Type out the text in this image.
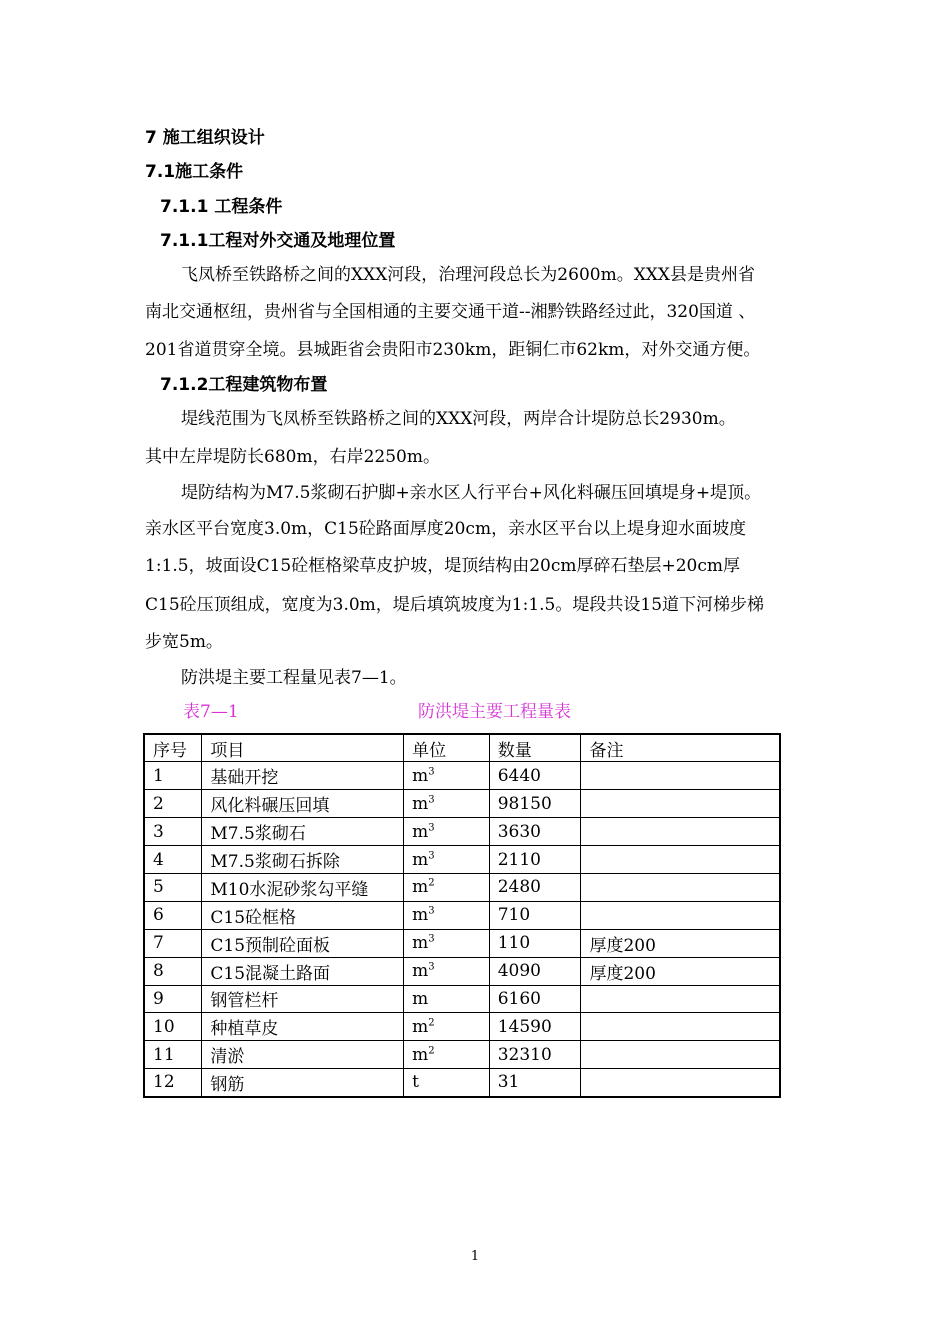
7 施工组织设计
7.1施工条件
7.1.1 工程条件
7.1.1工程对外交通及地理位置
飞凤桥至铁路桥之间的XXX河段，治理河段总长为2600m。XXX县是贵州省
南北交通枢纽，贵州省与全国相通的主要交通干道--湘黔铁路经过此，320国道 、
201省道贯穿全境。县城距省会贵阳市230km，距铜仁市62km，对外交通方便。
7.1.2工程建筑物布置
堤线范围为飞凤桥至铁路桥之间的XXX河段，两岸合计堤防总长2930m。
其中左岸堤防长680m，右岸2250m。
堤防结构为M7.5浆砌石护脚+亲水区人行平台+风化料碾压回填堤身+堤顶。
亲水区平台宽度3.0m，C15砼路面厚度20cm，亲水区平台以上堤身迎水面坡度
1:1.5，坡面设C15砼框格梁草皮护坡，堤顶结构由20cm厚碎石垫层+20cm厚
C15砼压顶组成，宽度为3.0m，堤后填筑坡度为1:1.5。堤段共设15道下河梯步梯
步宽5m。
防洪堤主要工程量见表7—1。
表7—1	防洪堤主要工程量表
序号	项目	单位	数量	备注
1	基础开挖	$m^3$	6440	
2	风化料碾压回填	$m^3$	98150	
3	M7.5浆砌石	$m^3$	3630	
4	M7.5浆砌石拆除	$m^3$	2110	
5	M10水泥砂浆勾平缝	$m^2$	2480	
6	C15砼框格	$m^3$	710	
7	C15预制砼面板	$m^3$	110	厚度200
8	C15混凝土路面	$m^3$	4090	厚度200
9	钢管栏杆	m	6160	
10	种植草皮	$m^2$	14590	
11	清淤	$m^2$	32310	
12	钢筋	t	31	
1
